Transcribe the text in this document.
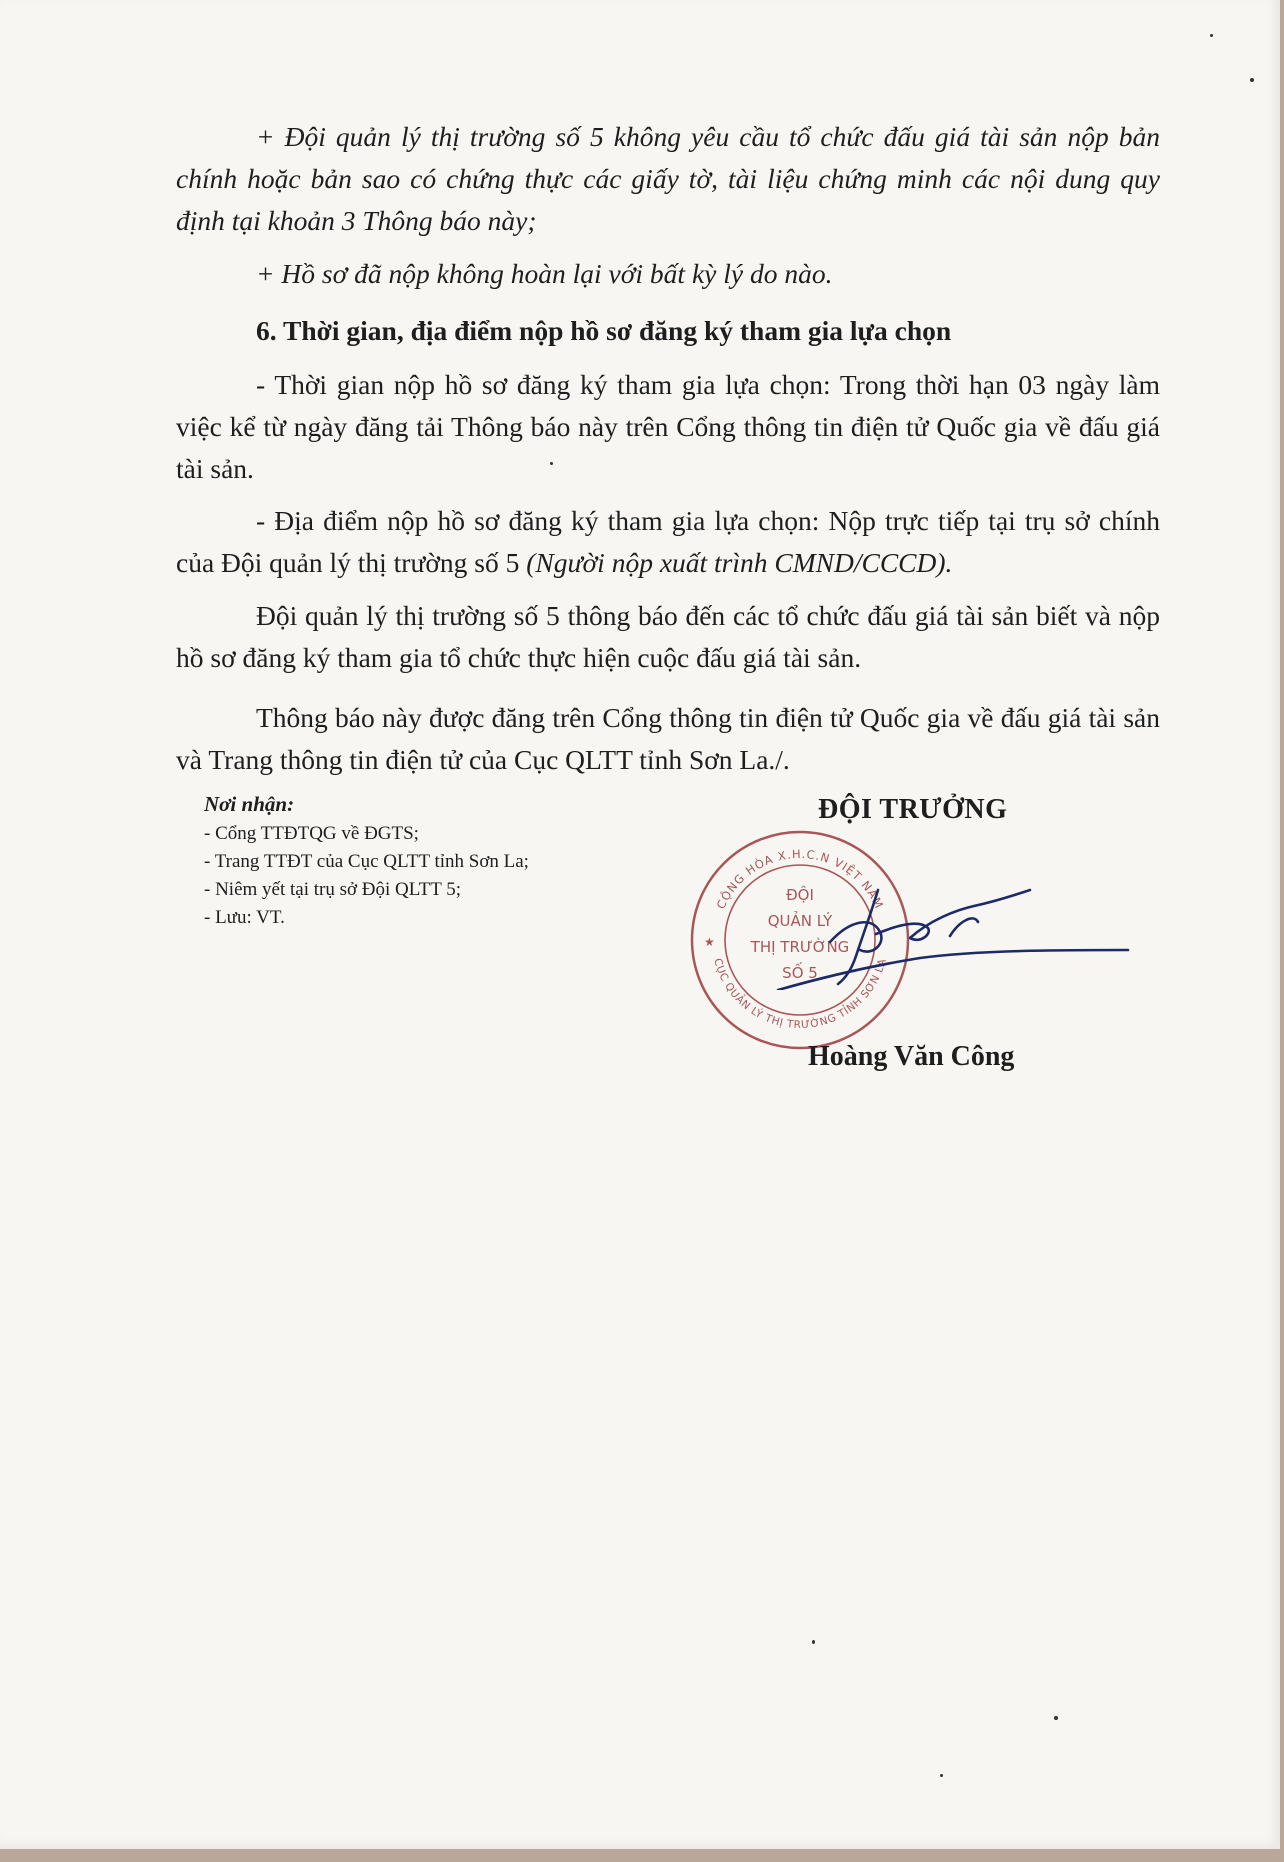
+ Đội quản lý thị trường số 5 không yêu cầu tổ chức đấu giá tài sản nộp bản chính hoặc bản sao có chứng thực các giấy tờ, tài liệu chứng minh các nội dung quy định tại khoản 3 Thông báo này;

+ Hồ sơ đã nộp không hoàn lại với bất kỳ lý do nào.

6. Thời gian, địa điểm nộp hồ sơ đăng ký tham gia lựa chọn

- Thời gian nộp hồ sơ đăng ký tham gia lựa chọn: Trong thời hạn 03 ngày làm việc kể từ ngày đăng tải Thông báo này trên Cổng thông tin điện tử Quốc gia về đấu giá tài sản.

- Địa điểm nộp hồ sơ đăng ký tham gia lựa chọn: Nộp trực tiếp tại trụ sở chính của Đội quản lý thị trường số 5 (Người nộp xuất trình CMND/CCCD).

Đội quản lý thị trường số 5 thông báo đến các tổ chức đấu giá tài sản biết và nộp hồ sơ đăng ký tham gia tổ chức thực hiện cuộc đấu giá tài sản.

Thông báo này được đăng trên Cổng thông tin điện tử Quốc gia về đấu giá tài sản và Trang thông tin điện tử của Cục QLTT tỉnh Sơn La./.

Nơi nhận:
- Cổng TTĐTQG về ĐGTS;
- Trang TTĐT của Cục QLTT tỉnh Sơn La;
- Niêm yết tại trụ sở Đội QLTT 5;
- Lưu: VT.
ĐỘI TRƯỞNG
CỘNG HÒA X.H.C.N VIỆT NAM
CỤC QUẢN LÝ THỊ TRƯỜNG TỈNH SƠN LA
★
ĐỘI
QUẢN LÝ
THỊ TRƯỜNG
SỐ 5
Hoàng Văn Công
